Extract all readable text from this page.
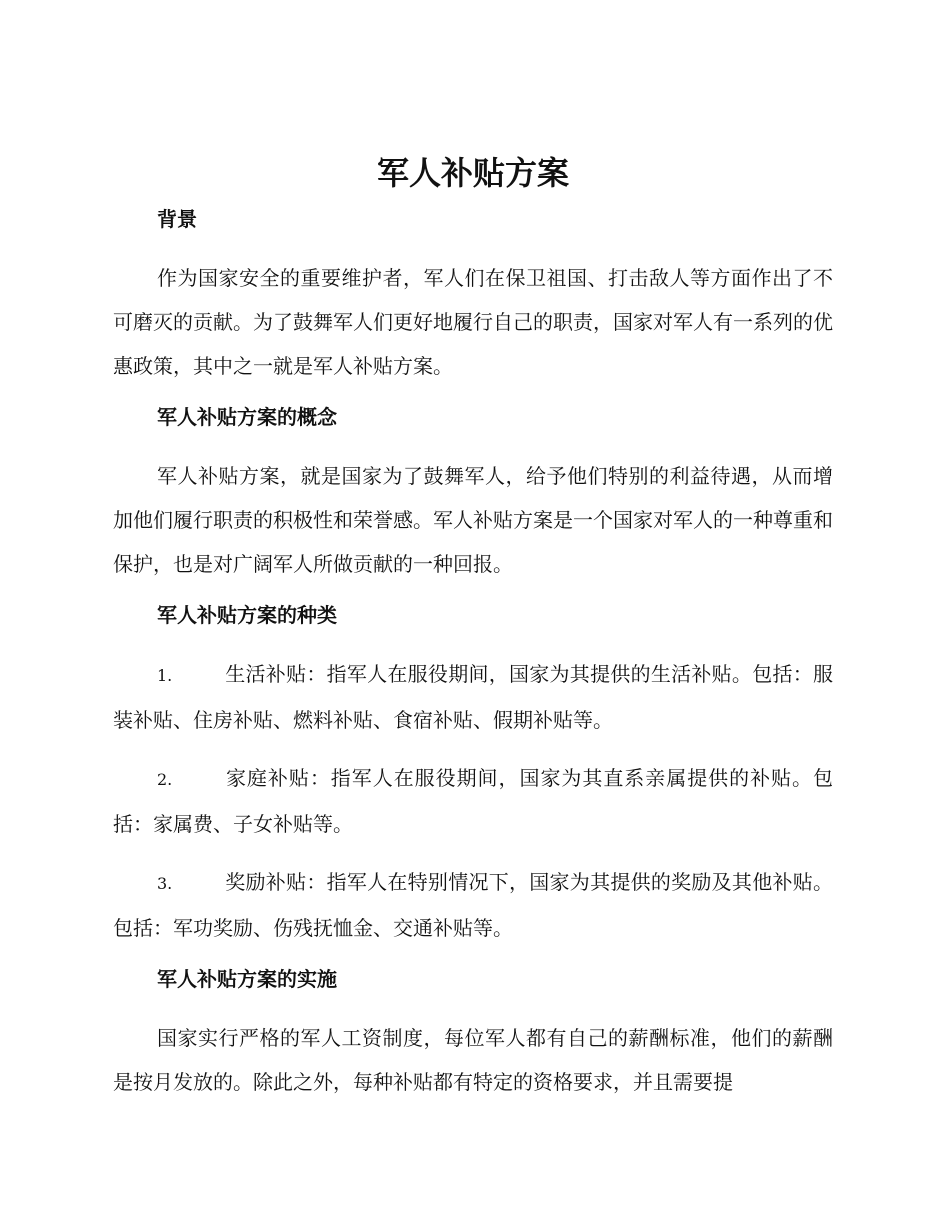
军人补贴方案
背景

作为国家安全的重要维护者，军人们在保卫祖国、打击敌人等方面作出了不可磨灭的贡献。为了鼓舞军人们更好地履行自己的职责，国家对军人有一系列的优惠政策，其中之一就是军人补贴方案。

军人补贴方案的概念

军人补贴方案，就是国家为了鼓舞军人，给予他们特别的利益待遇，从而增加他们履行职责的积极性和荣誉感。军人补贴方案是一个国家对军人的一种尊重和保护，也是对广阔军人所做贡献的一种回报。

军人补贴方案的种类
1.	生活补贴：指军人在服役期间，国家为其提供的生活补贴。包括：服装补贴、住房补贴、燃料补贴、食宿补贴、假期补贴等。
2.	家庭补贴：指军人在服役期间，国家为其直系亲属提供的补贴。包括：家属费、子女补贴等。
3.	奖励补贴：指军人在特别情况下，国家为其提供的奖励及其他补贴。包括：军功奖励、伤残抚恤金、交通补贴等。
军人补贴方案的实施

国家实行严格的军人工资制度，每位军人都有自己的薪酬标准，他们的薪酬是按月发放的。除此之外，每种补贴都有特定的资格要求，并且需要提
